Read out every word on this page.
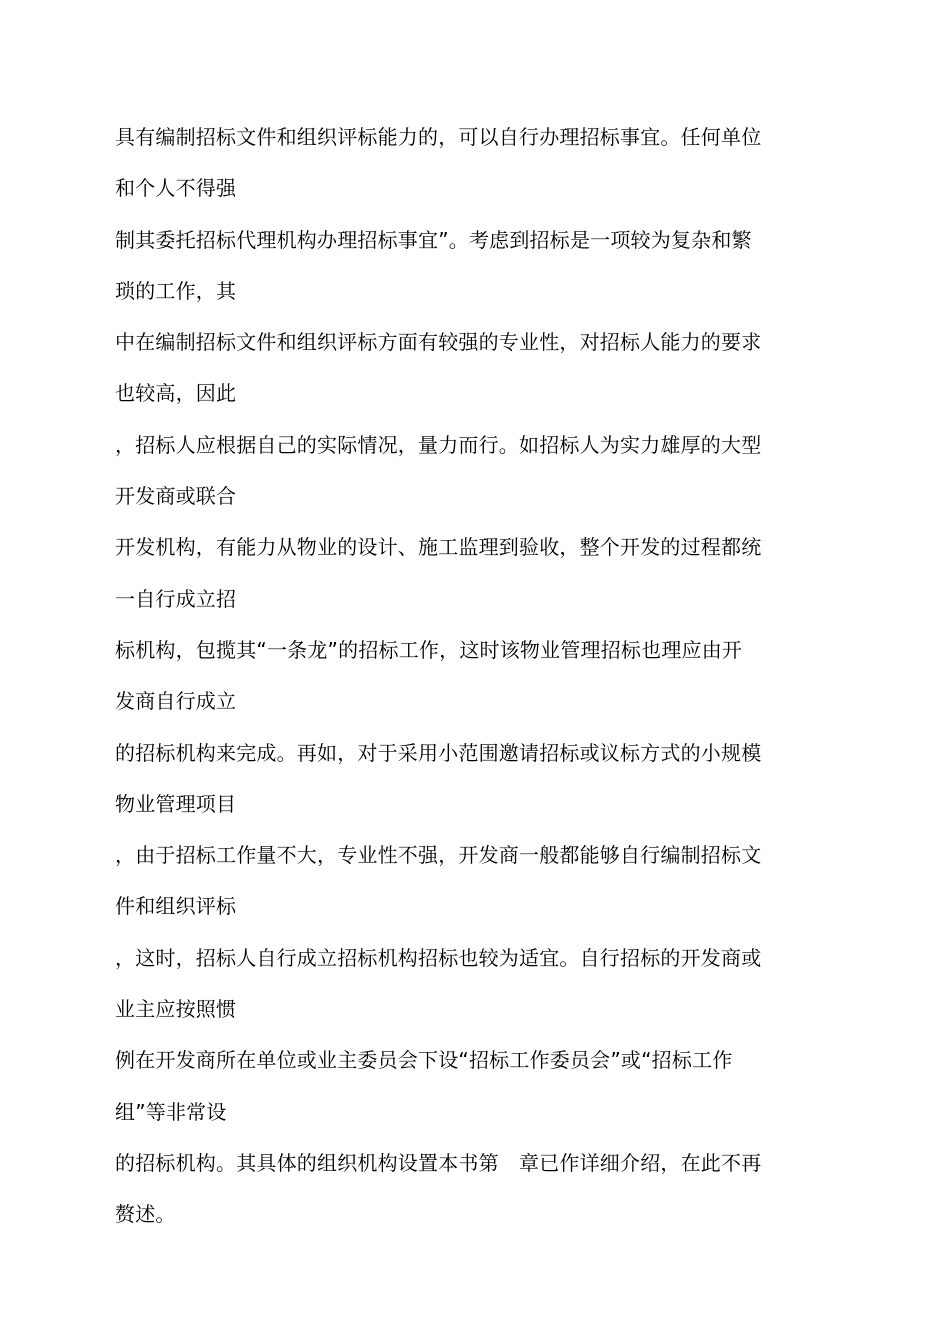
具有编制招标文件和组织评标能力的，可以自行办理招标事宜。任何单位
和个人不得强
制其委托招标代理机构办理招标事宜”。考虑到招标是一项较为复杂和繁
琐的工作，其
中在编制招标文件和组织评标方面有较强的专业性，对招标人能力的要求
也较高，因此
，招标人应根据自己的实际情况，量力而行。如招标人为实力雄厚的大型
开发商或联合
开发机构，有能力从物业的设计、施工监理到验收，整个开发的过程都统
一自行成立招
标机构，包揽其“一条龙”的招标工作，这时该物业管理招标也理应由开
发商自行成立
的招标机构来完成。再如，对于采用小范围邀请招标或议标方式的小规模
物业管理项目
，由于招标工作量不大，专业性不强，开发商一般都能够自行编制招标文
件和组织评标
，这时，招标人自行成立招标机构招标也较为适宜。自行招标的开发商或
业主应按照惯
例在开发商所在单位或业主委员会下设“招标工作委员会”或“招标工作
组”等非常设
的招标机构。其具体的组织机构设置本书第　章已作详细介绍，在此不再
赘述。
